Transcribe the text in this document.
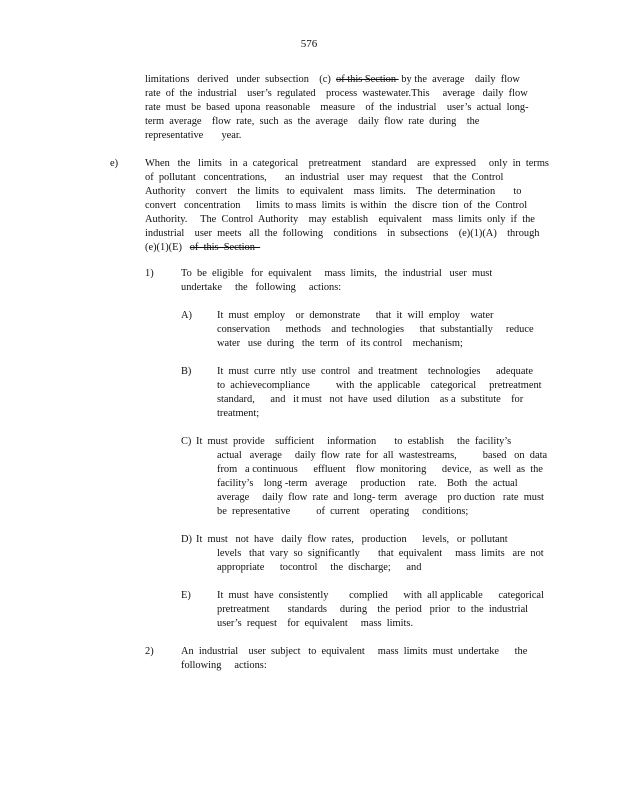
576
limitations   derived   under  subsection    (c)  of this Section  by the  average    daily  flow
rate  of  the  industrial    user’s  regulated    process  wastewater.This     average   daily  flow
rate  must  be  based  upona  reasonable    measure    of  the  industrial    user’s  actual  long-
term  average    flow  rate,  such  as  the  average    daily  flow  rate  during    the
representative       year.
e)	When   the   limits   in  a  categorical    pretreatment    standard    are  expressed     only  in  terms
of  pollutant   concentrations,       an  industrial   user  may  request    that  the  Control
Authority    convert    the  limits   to  equivalent    mass  limits.    The  determination       to
convert   concentration      limits  to mass  limits  is within   the  discre  tion  of  the  Control
Authority.     The  Control  Authority    may  establish    equivalent    mass  limits  only  if  the
industrial    user  meets   all  the  following    conditions    in  subsections    (e)(1)(A)    through
(e)(1)(E)   of  this  Section
1)	To  be  eligible   for  equivalent     mass  limits,   the  industrial   user  must
undertake     the   following     actions:
A) It  must  employ    or  demonstrate      that  it  will  employ    water
conservation      methods    and  technologies      that  substantially     reduce
water   use  during   the  term   of  its control    mechanism;
B) It  must  curre  ntly  use  control   and  treatment    technologies      adequate
to  achievecompliance          with  the  applicable    categorical     pretreatment
standard,      and   it must   not  have  used  dilution    as a  substitute    for
treatment;
C) It  must  provide    sufficient     information       to  establish     the  facility’s
actual   average     daily  flow  rate  for  all  wastestreams,          based   on  data
from   a continuous      effluent    flow  monitoring      device,   as  well  as  the
facility’s    long -term   average     production     rate.    Both   the  actual
average     daily  flow  rate  and  long- term   average    pro duction   rate  must
be  representative          of  current    operating     conditions;
D) It  must   not  have   daily  flow  rates,   production      levels,   or  pollutant
levels   that  vary  so  significantly       that  equivalent     mass  limits   are  not
appropriate      tocontrol     the  discharge;      and
E)	It  must  have  consistently        complied      with  all applicable      categorical
pretreatment       standards     during    the  period   prior   to  the  industrial
user’s  request    for  equivalent     mass  limits.
2)	An  industrial    user  subject   to  equivalent     mass  limits  must  undertake      the
following     actions:
